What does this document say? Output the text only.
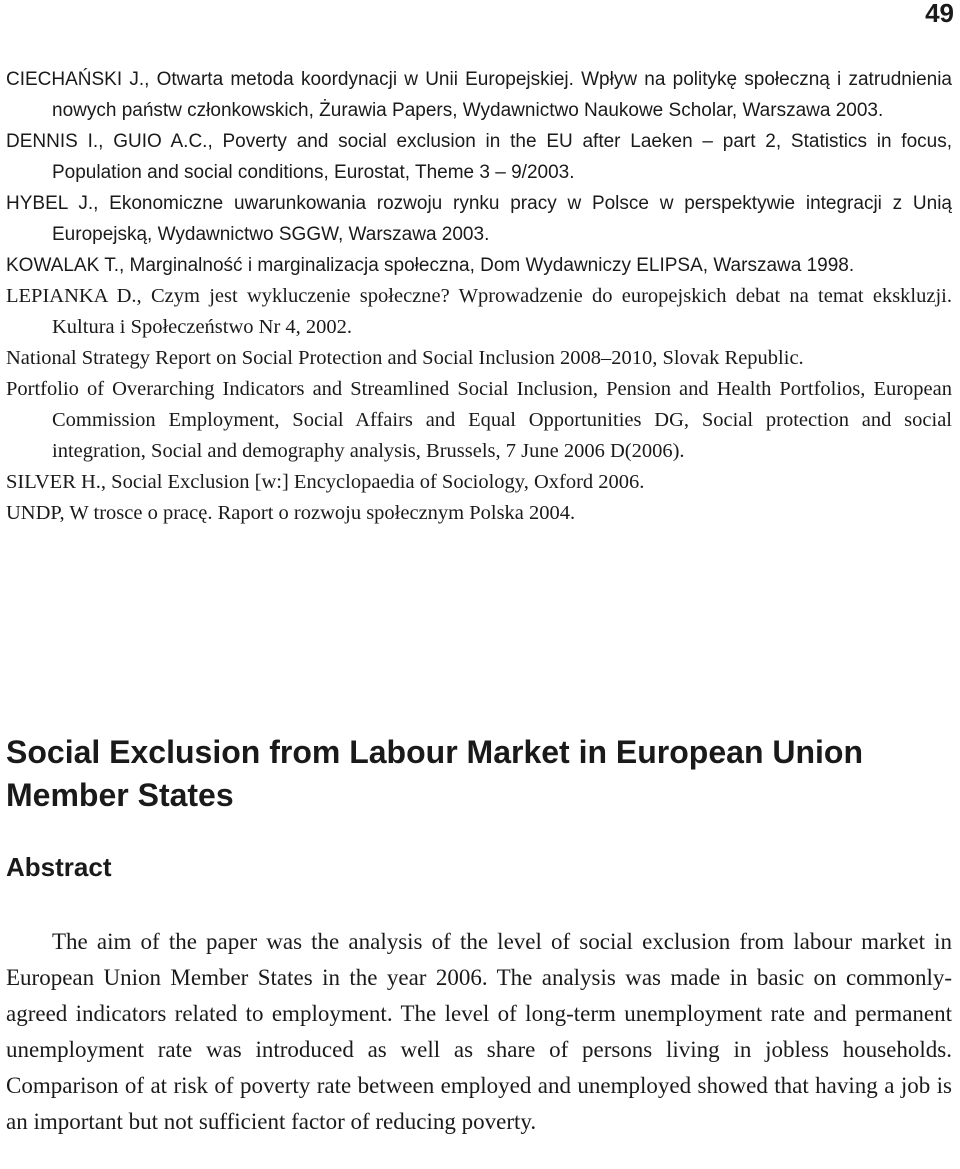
49
CIECHAŃSKI J., Otwarta metoda koordynacji w Unii Europejskiej. Wpływ na politykę społeczną i zatrudnienia nowych państw członkowskich, Żurawia Papers, Wydawnictwo Naukowe Scholar, Warszawa 2003.
DENNIS I., GUIO A.C., Poverty and social exclusion in the EU after Laeken – part 2, Statistics in focus, Population and social conditions, Eurostat, Theme 3 – 9/2003.
HYBEL J., Ekonomiczne uwarunkowania rozwoju rynku pracy w Polsce w perspektywie integracji z Unią Europejską, Wydawnictwo SGGW, Warszawa 2003.
KOWALAK T., Marginalność i marginalizacja społeczna, Dom Wydawniczy ELIPSA, Warszawa 1998.
LEPIANKA D., Czym jest wykluczenie społeczne? Wprowadzenie do europejskich debat na temat ekskluzji. Kultura i Społeczeństwo Nr 4, 2002.
National Strategy Report on Social Protection and Social Inclusion 2008–2010, Slovak Republic.
Portfolio of Overarching Indicators and Streamlined Social Inclusion, Pension and Health Portfolios, European Commission Employment, Social Affairs and Equal Opportunities DG, Social protection and social integration, Social and demography analysis, Brussels, 7 June 2006 D(2006).
SILVER H., Social Exclusion [w:] Encyclopaedia of Sociology, Oxford 2006.
UNDP, W trosce o pracę. Raport o rozwoju społecznym Polska 2004.
Social Exclusion from Labour Market in European Union Member States
Abstract

The aim of the paper was the analysis of the level of social exclusion from labour market in European Union Member States in the year 2006. The analysis was made in basic on commonly-agreed indicators related to employment. The level of long-term unemployment rate and permanent unemployment rate was introduced as well as share of persons living in jobless households. Comparison of at risk of poverty rate between employed and unemployed showed that having a job is an important but not sufficient factor of reducing poverty.
